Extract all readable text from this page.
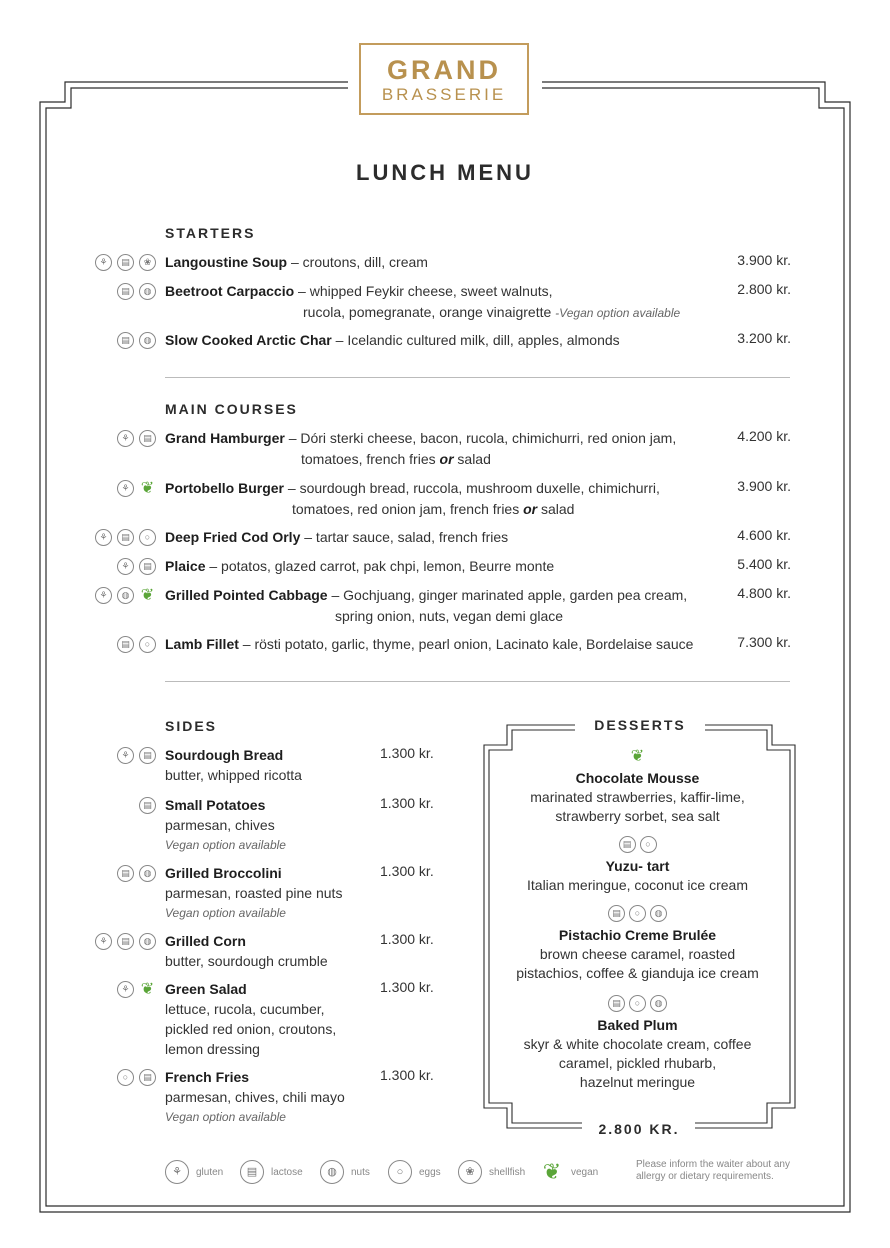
GRAND
BRASSERIE
LUNCH MENU
STARTERS
⚘	▤	❀ Langoustine Soup – croutons, dill, cream	3.900 kr.
▤	◍ Beetroot Carpaccio – whipped Feykir cheese, sweet walnuts,
rucola, pomegranate, orange vinaigrette -Vegan option available
2.800 kr.
▤	◍ Slow Cooked Arctic Char – Icelandic cultured milk, dill, apples, almonds	3.200 kr.
MAIN COURSES
⚘	▤ Grand Hamburger – Dóri sterki cheese, bacon, rucola, chimichurri, red onion jam,
tomatoes, french fries or salad
4.200 kr.
⚘ ❦ Portobello Burger – sourdough bread, ruccola, mushroom duxelle, chimichurri,
tomatoes, red onion jam, french fries or salad
3.900 kr.
⚘	▤	○	Deep Fried Cod Orly – tartar sauce, salad, french fries	4.600 kr.
⚘	▤ Plaice – potatos, glazed carrot, pak chpi, lemon, Beurre monte	5.400 kr.
⚘	◍ ❦ Grilled Pointed Cabbage – Gochjuang, ginger marinated apple, garden pea cream,
spring onion, nuts, vegan demi glace
4.800 kr.
▤	○	Lamb Fillet – rösti potato, garlic, thyme, pearl onion, Lacinato kale, Bordelaise sauce	7.300 kr.
SIDES
⚘	▤ Sourdough Bread
butter, whipped ricotta
1.300 kr.
▤ Small Potatoes
parmesan, chives
Vegan option available
1.300 kr.
▤	◍ Grilled Broccolini
parmesan, roasted pine nuts
Vegan option available
1.300 kr.
⚘	▤	◍ Grilled Corn
butter, sourdough crumble
1.300 kr.
⚘ ❦ Green Salad
lettuce, rucola, cucumber,
pickled red onion, croutons,
lemon dressing
1.300 kr.
○	▤ French Fries
parmesan, chives, chili mayo
Vegan option available
1.300 kr.
DESSERTS
❦
Chocolate Mousse
marinated strawberries, kaffir-lime,
strawberry sorbet, sea salt
▤	○
Yuzu- tart
Italian meringue, coconut ice cream
▤	○	◍
Pistachio Creme Brulée
brown cheese caramel, roasted
pistachios, coffee & gianduja ice cream
▤	○	◍
Baked Plum
skyr & white chocolate cream, coffee
caramel, pickled rhubarb,
hazelnut meringue
2.800 KR.
⚘	gluten	▤	lactose	◍	nuts	○	eggs	❀	shellfish ❦ vegan
Please inform the waiter about any allergy or dietary requirements.
